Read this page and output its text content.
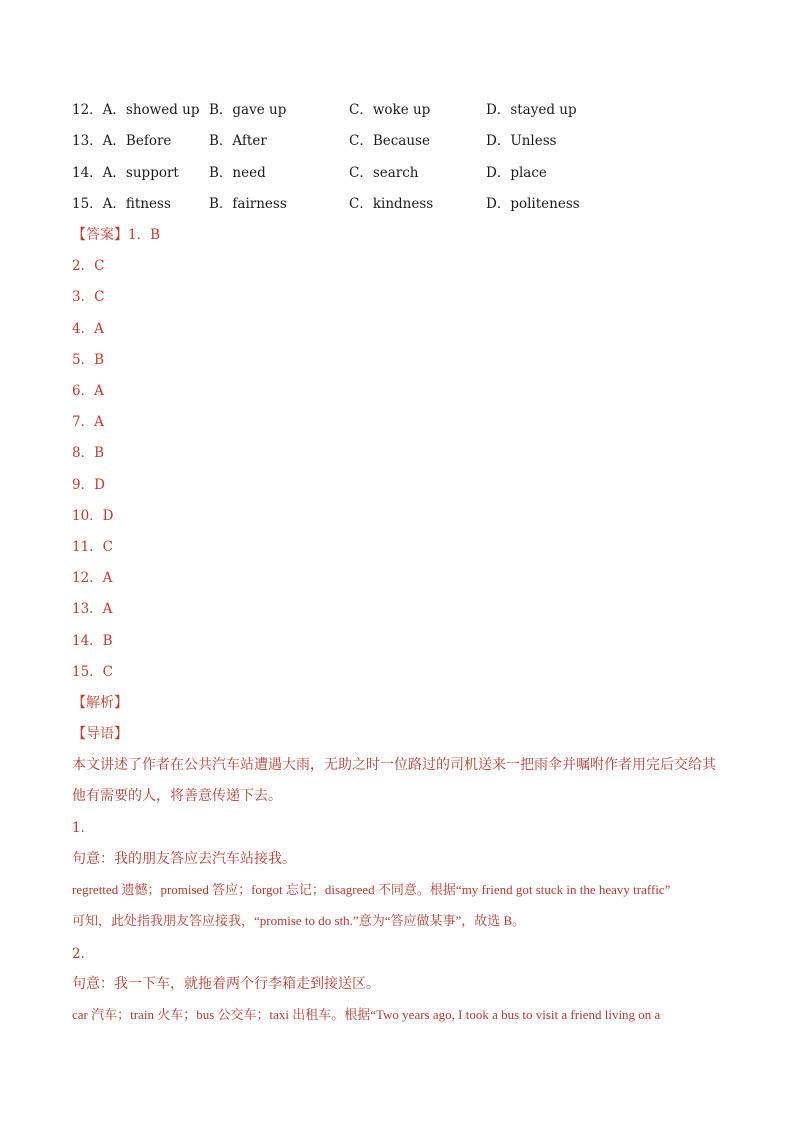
12．A．showed up B．gave up	C．woke up	D．stayed up
13．A．Before	B．After	C．Because	D．Unless
14．A．support B．need	C．search	D．place
15．A．fitness	B．fairness	C．kindness	D．politeness
【答案】1．B
2．C
3．C
4．A
5．B
6．A
7．A
8．B
9．D
10．D
11．C
12．A
13．A
14．B
15．C
【解析】
【导语】
本文讲述了作者在公共汽车站遭遇大雨，无助之时一位路过的司机送来一把雨伞并嘱咐作者用完后交给其
他有需要的人，将善意传递下去。
1．
句意：我的朋友答应去汽车站接我。
regretted 遗憾；promised 答应；forgot 忘记；disagreed 不同意。根据“my friend got stuck in the heavy traffic”
可知，此处指我朋友答应接我，“promise to do sth.”意为“答应做某事”，故选 B。
2．
句意：我一下车，就拖着两个行李箱走到接送区。
car 汽车；train 火车；bus 公交车；taxi 出租车。根据“Two years ago, I took a bus to visit a friend living on a
